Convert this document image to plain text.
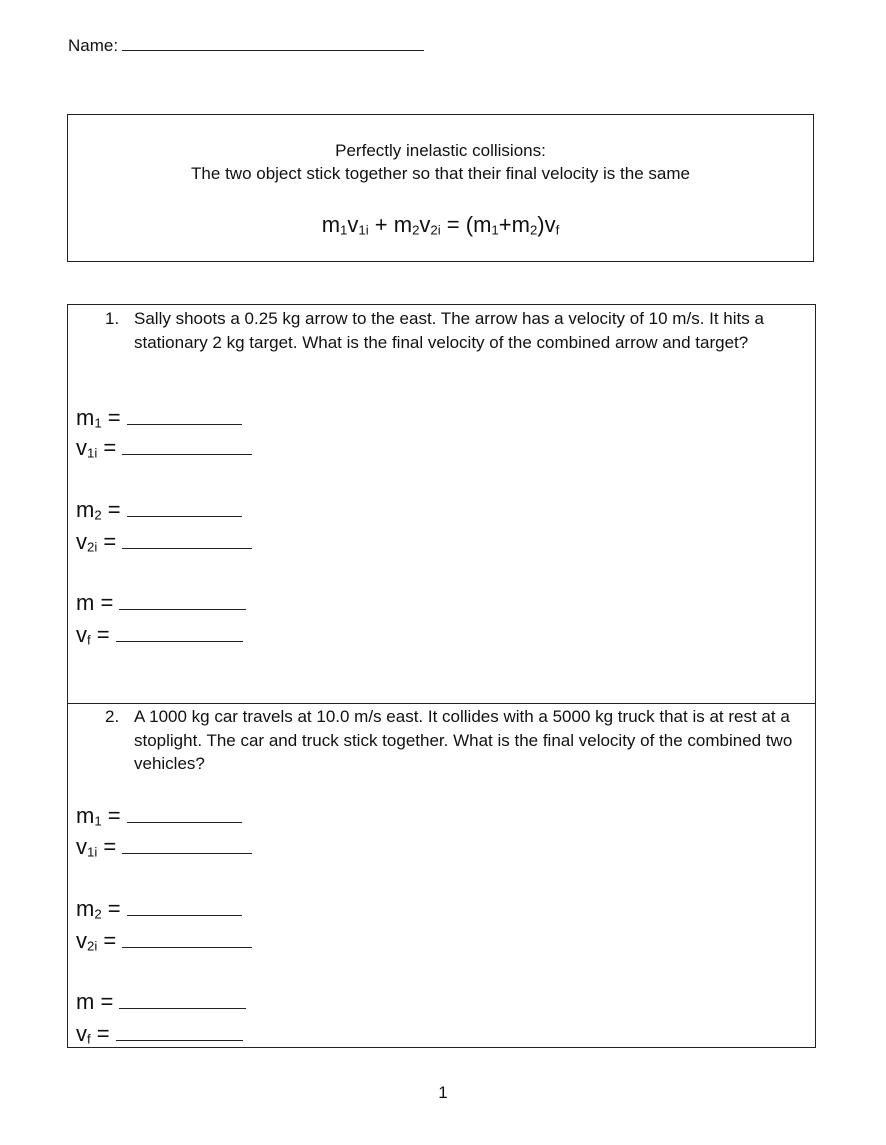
Name:
Perfectly inelastic collisions:
The two object stick together so that their final velocity is the same
$m_1v_{1i} + m_2v_{2i} = (m_1+m_2)v_f$
1. Sally shoots a 0.25 kg arrow to the east. The arrow has a velocity of 10 m/s. It hits a stationary 2 kg target. What is the final velocity of the combined arrow and target?
$m_1$ =
$v_{1i}$ =
$m_2$ =
$v_{2i}$ =
m =
$v_f$ =
2. A 1000 kg car travels at 10.0 m/s east. It collides with a 5000 kg truck that is at rest at a stoplight. The car and truck stick together. What is the final velocity of the combined two vehicles?
$m_1$ =
$v_{1i}$ =
$m_2$ =
$v_{2i}$ =
m =
$v_f$ =
1
